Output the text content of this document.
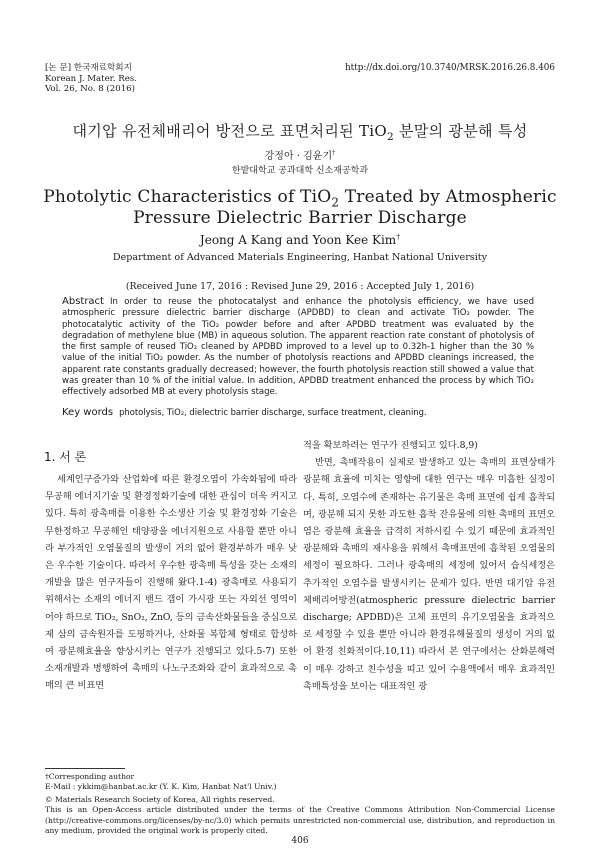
[논 문] 한국재료학회지
Korean J. Mater. Res.
Vol. 26, No. 8 (2016)
http://dx.doi.org/10.3740/MRSK.2016.26.8.406
대기압 유전체배리어 방전으로 표면처리된 TiO$_2$ 분말의 광분해 특성
강정아 · 김윤기†
한밭대학교 공과대학 신소재공학과
Photolytic Characteristics of TiO$_2$ Treated by Atmospheric
Pressure Dielectric Barrier Discharge
Jeong A Kang and Yoon Kee Kim†
Department of Advanced Materials Engineering, Hanbat National University
(Received June 17, 2016 : Revised June 29, 2016 : Accepted July 1, 2016)
Abstract In order to reuse the photocatalyst and enhance the photolysis efficiency, we have used atmospheric pressure dielectric barrier discharge (APDBD) to clean and activate TiO₂ powder. The photocatalytic activity of the TiO₂ powder before and after APDBD treatment was evaluated by the degradation of methylene blue (MB) in aqueous solution. The apparent reaction rate constant of photolysis of the first sample of reused TiO₂ cleaned by APDBD improved to a level up to 0.32h-1 higher than the 30 % value of the initial TiO₂ powder. As the number of photolysis reactions and APDBD cleanings increased, the apparent rate constants gradually decreased; however, the fourth photolysis reaction still showed a value that was greater than 10 % of the initial value. In addition, APDBD treatment enhanced the process by which TiO₂ effectively adsorbed MB at every photolysis stage.
Key words photolysis, TiO₂, dielectric barrier discharge, surface treatment, cleaning.
1. 서 론

세계인구증가와 산업화에 따른 환경오염이 가속화됨에 따라 무공해 에너지기술 및 환경정화기술에 대한 관심이 더욱 커지고 있다. 특히 광촉매를 이용한 수소생산 기술 및 환경정화 기술은 무한정하고 무공해인 태양광을 에너지원으로 사용할 뿐만 아니라 부가적인 오염물질의 발생이 거의 없어 환경부하가 매우 낮은 우수한 기술이다. 따라서 우수한 광촉매 특성을 갖는 소재의 개발을 많은 연구자들이 진행해 왔다.1-4) 광촉매로 사용되기 위해서는 소재의 에너지 밴드 갭이 가시광 또는 자외선 영역이어야 하므로 TiO₂, SnO₂, ZnO, 등의 금속산화물들을 중심으로 제 삼의 금속원자를 도핑하거나, 산화물 복합체 형태로 합성하여 광분해효율을 향상시키는 연구가 진행되고 있다.5-7) 또한 소재개발과 병행하여 촉매의 나노구조화와 같이 효과적으로 촉매의 큰 비표면

적을 확보하려는 연구가 진행되고 있다.8,9)

반면, 촉매작용이 실제로 발생하고 있는 촉매의 표면상태가 광분해 효율에 미치는 영향에 대한 연구는 매우 미흡한 실정이다. 특히, 오염수에 존재하는 유기물은 촉매 표면에 쉽게 흡착되며, 광분해 되지 못한 과도한 흡착 잔유물에 의한 촉매의 표면오염은 광분해 효율을 급격히 저하시킬 수 있기 때문에 효과적인 광분해와 촉매의 재사용을 위해서 촉매표면에 흡착된 오염물의 세정이 필요하다. 그러나 광촉매의 세정에 있어서 습식세정은 추가적인 오염수를 발생시키는 문제가 있다. 반면 대기압 유전체배리어방전(atmospheric pressure dielectric barrier discharge; APDBD)은 고체 표면의 유기오염물을 효과적으로 세정할 수 있을 뿐만 아니라 환경유해물질의 생성이 거의 없어 환경 친화적이다.10,11) 따라서 본 연구에서는 산화분해력이 매우 강하고 친수성을 띠고 있어 수용액에서 매우 효과적인 촉매특성을 보이는 대표적인 광

†Corresponding author
E-Mail : ykkim@hanbat.ac.kr (Y. K. Kim, Hanbat Nat'l Univ.)
© Materials Research Society of Korea, All rights reserved.
This is an Open-Access article distributed under the terms of the Creative Commons Attribution Non-Commercial License (http://creative-commons.org/licenses/by-nc/3.0) which permits unrestricted non-commercial use, distribution, and reproduction in any medium, provided the original work is properly cited.
406
